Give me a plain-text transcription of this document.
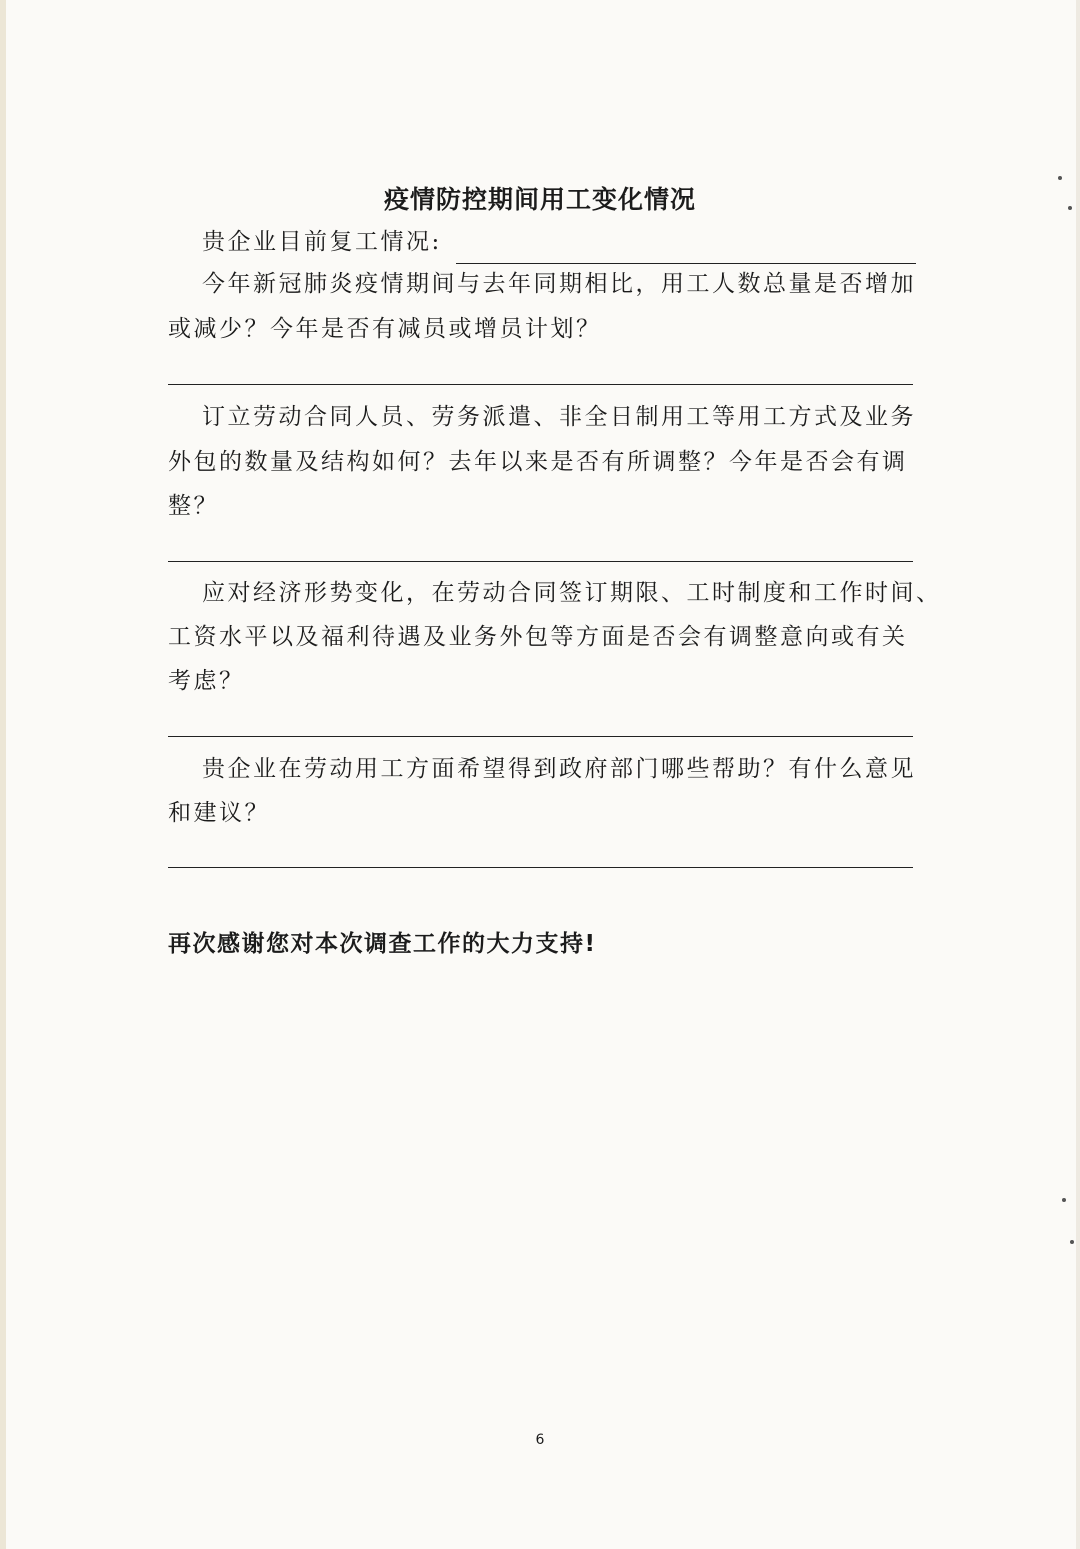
疫情防控期间用工变化情况
贵企业目前复工情况:
今年新冠肺炎疫情期间与去年同期相比，用工人数总量是否增加
或减少？今年是否有减员或增员计划？
订立劳动合同人员、劳务派遣、非全日制用工等用工方式及业务
外包的数量及结构如何？去年以来是否有所调整？今年是否会有调
整？
应对经济形势变化，在劳动合同签订期限、工时制度和工作时间、
工资水平以及福利待遇及业务外包等方面是否会有调整意向或有关
考虑？
贵企业在劳动用工方面希望得到政府部门哪些帮助？有什么意见
和建议？
再次感谢您对本次调查工作的大力支持!
6
